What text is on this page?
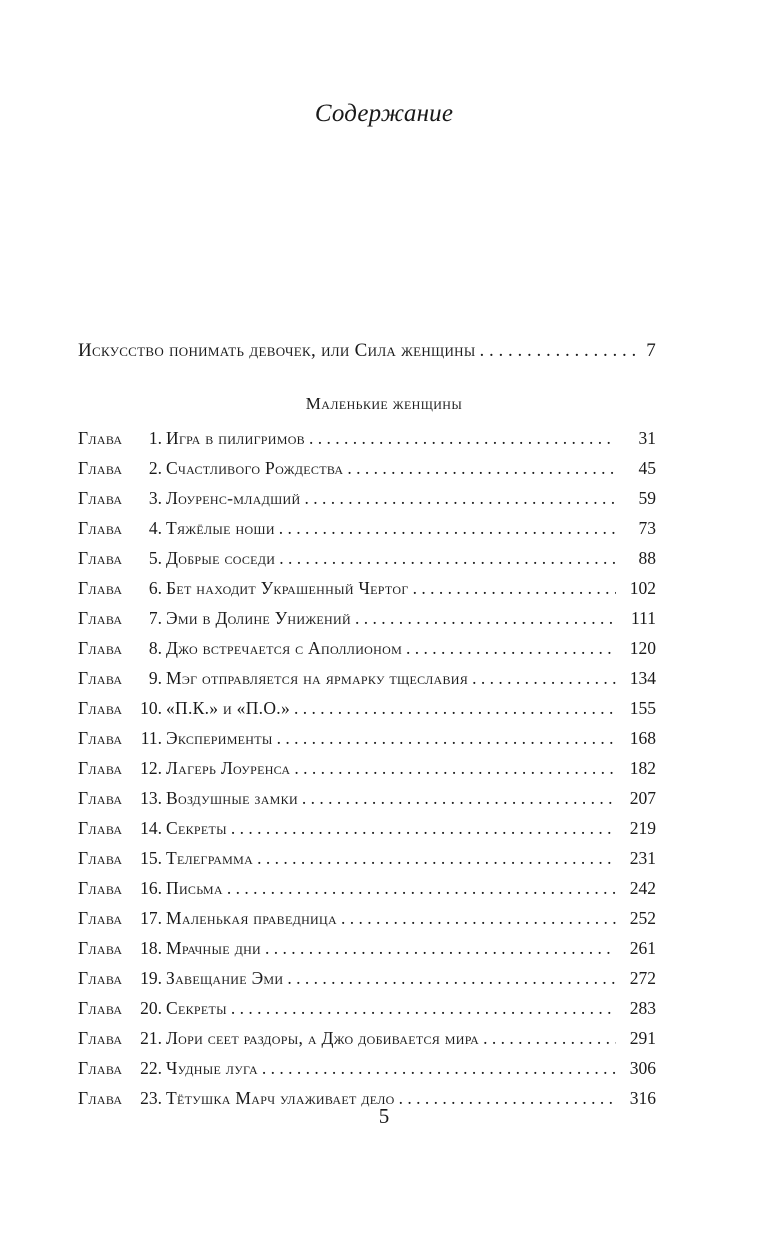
Содержание
Искусство понимать девочек, или Сила женщины . . .	7
Маленькие женщины
Глава	1. Игра в пилигримов . . .	31
Глава	2. Счастливого Рождества . . .	45
Глава	3. Лоуренс-младший . . .	59
Глава	4. Тяжёлые ноши . . .	73
Глава	5. Добрые соседи . . .	88
Глава	6. Бет находит Украшенный Чертог . . .	102
Глава	7. Эми в Долине Унижений . . .	111
Глава	8. Джо встречается с Аполлионом . . .	120
Глава	9. Мэг отправляется на ярмарку тщеславия . . .	134
Глава	10. «П.К.» и «П.О.» . . .	155
Глава	11. Эксперименты . . .	168
Глава	12. Лагерь Лоуренса . . .	182
Глава	13. Воздушные замки . . .	207
Глава	14. Секреты . . .	219
Глава	15. Телеграмма . . .	231
Глава	16. Письма . . .	242
Глава	17. Маленькая праведница . . .	252
Глава	18. Мрачные дни . . .	261
Глава	19. Завещание Эми . . .	272
Глава	20. Секреты . . .	283
Глава	21. Лори сеет раздоры, а Джо добивается мира . . .	291
Глава	22. Чудные луга . . .	306
Глава	23. Тётушка Марч улаживает дело . . .	316
5
